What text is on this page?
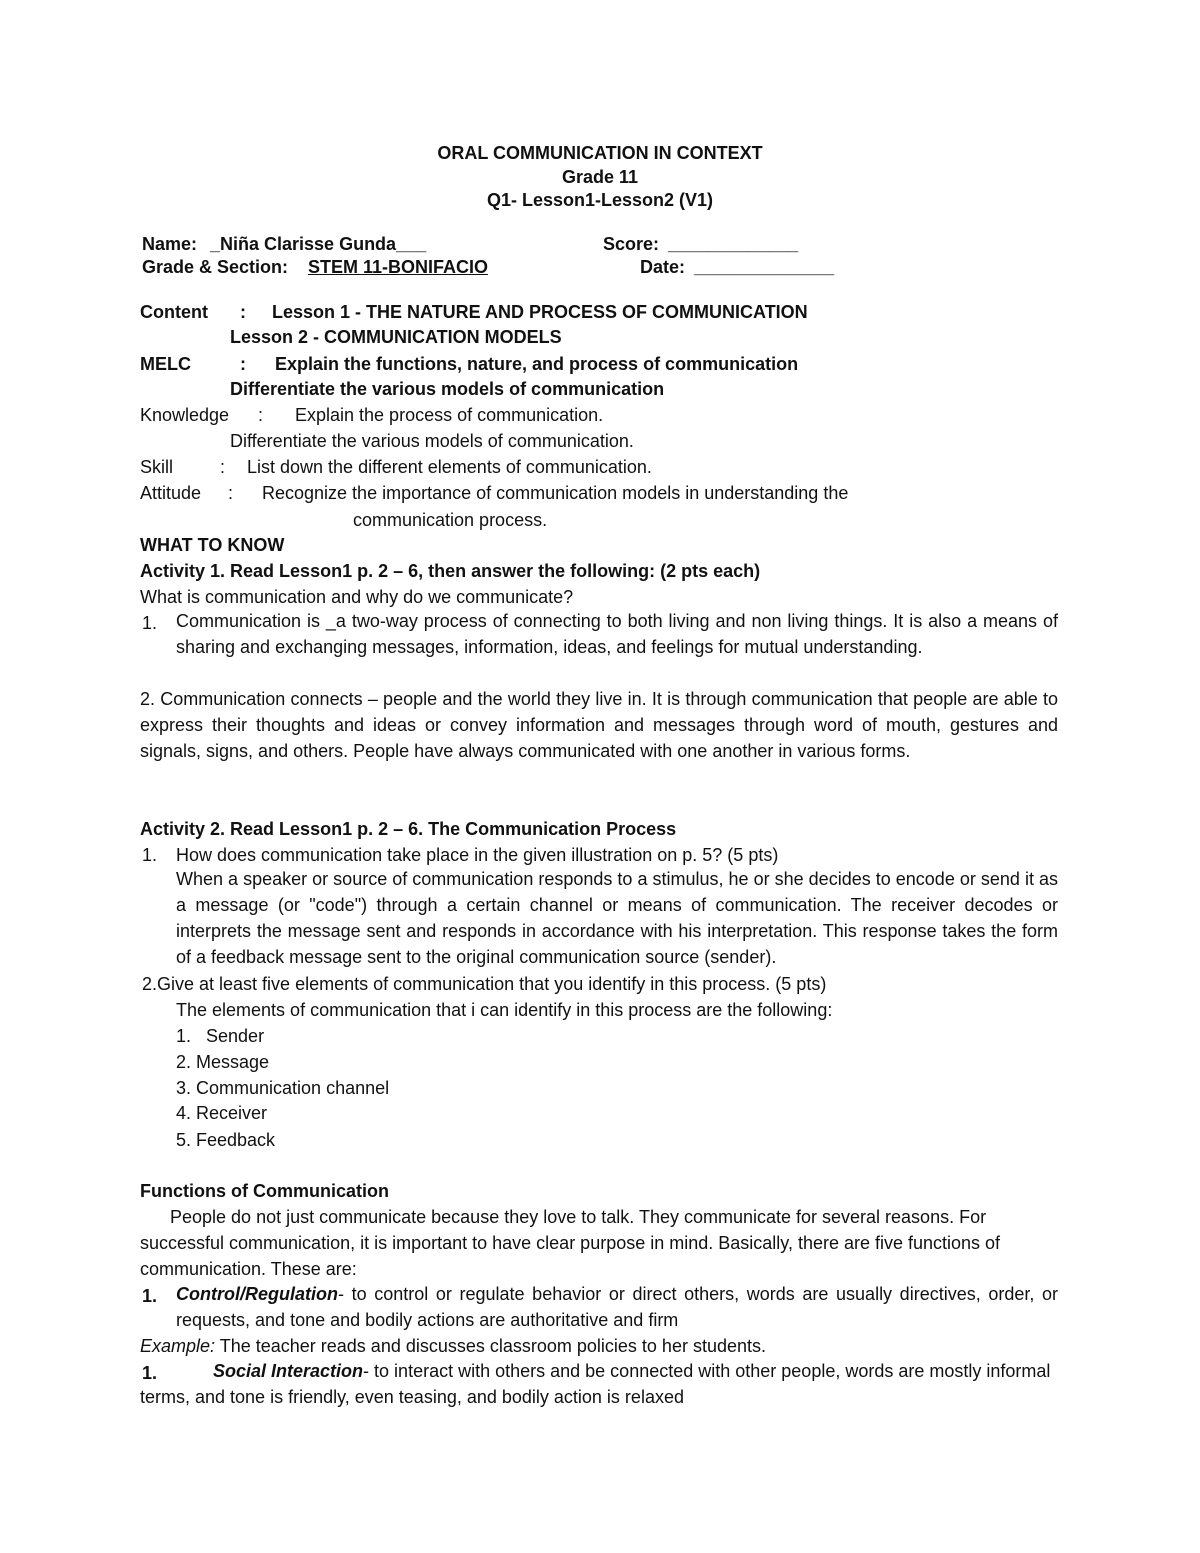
ORAL COMMUNICATION IN CONTEXT
Grade 11
Q1- Lesson1-Lesson2 (V1)
Name: _Niña Clarisse Gunda___	Score: _____________
Grade & Section: STEM 11-BONIFACIO	Date: ______________
Content : Lesson 1 - THE NATURE AND PROCESS OF COMMUNICATION
Lesson 2 - COMMUNICATION MODELS
MELC	: Explain the functions, nature, and process of communication
Differentiate the various models of communication
Knowledge : Explain the process of communication.
Differentiate the various models of communication.
Skill	: List down the different elements of communication.
Attitude : Recognize the importance of communication models in understanding the
communication process.
WHAT TO KNOW
Activity 1. Read Lesson1 p. 2 – 6, then answer the following: (2 pts each)
What is communication and why do we communicate?
1. Communication is _a two-way process of connecting to both living and non living things. It is also a means of sharing and exchanging messages, information, ideas, and feelings for mutual understanding.
2. Communication connects – people and the world they live in. It is through communication that people are able to express their thoughts and ideas or convey information and messages through word of mouth, gestures and signals, signs, and others. People have always communicated with one another in various forms.
Activity 2. Read Lesson1 p. 2 – 6. The Communication Process
1. How does communication take place in the given illustration on p. 5? (5 pts)
When a speaker or source of communication responds to a stimulus, he or she decides to encode or send it as a message (or "code") through a certain channel or means of communication. The receiver decodes or interprets the message sent and responds in accordance with his interpretation. This response takes the form of a feedback message sent to the original communication source (sender).
2.Give at least five elements of communication that you identify in this process. (5 pts)
The elements of communication that i can identify in this process are the following:
1.   Sender
2. Message
3. Communication channel
4. Receiver
5. Feedback
Functions of Communication
People do not just communicate because they love to talk. They communicate for several reasons. For successful communication, it is important to have clear purpose in mind. Basically, there are five functions of communication. These are:
1. Control/Regulation- to control or regulate behavior or direct others, words are usually directives, order, or requests, and tone and bodily actions are authoritative and firm
Example: The teacher reads and discusses classroom policies to her students.
1.	Social Interaction- to interact with others and be connected with other people, words are mostly informal terms, and tone is friendly, even teasing, and bodily action is relaxed
